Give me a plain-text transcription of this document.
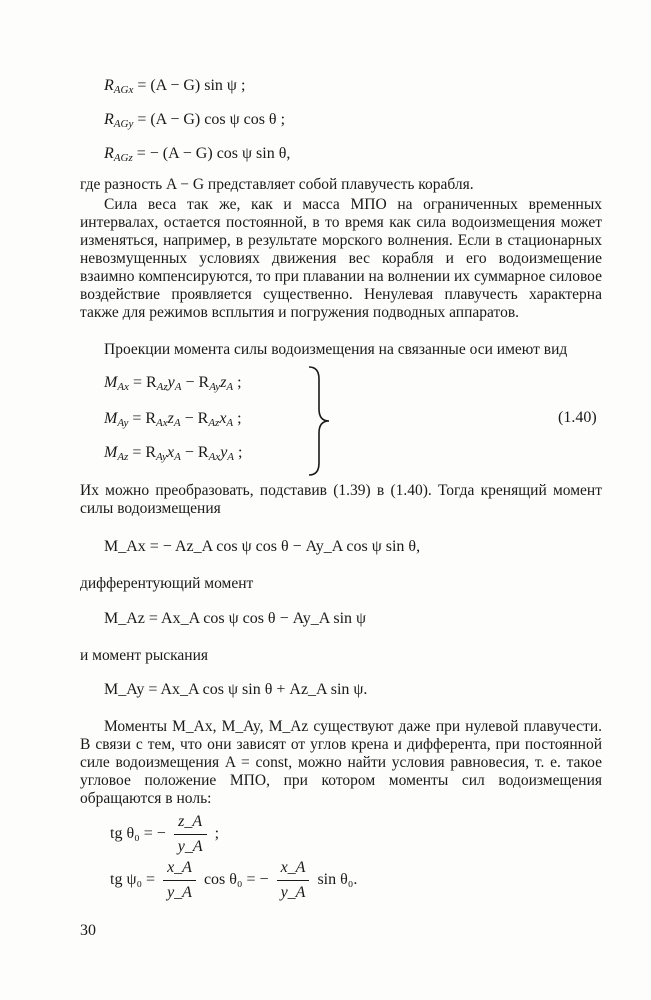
$R_{AGx} = (A - G)$ sin ψ ;
$R_{AGy} = (A - G)$ cos ψ cos θ ;
$R_{AGz}$ = − (A − G) cos ψ sin θ,
где разность A − G представляет собой плавучесть корабля.
Сила веса так же, как и масса МПО на ограниченных временных интервалах, остается постоянной, в то время как сила водоизмещения может изменяться, например, в результате морского волнения. Если в стационарных невозмущенных условиях движения вес корабля и его водоизмещение взаимно компенсируются, то при плавании на волнении их суммарное силовое воздействие проявляется существенно. Ненулевая плавучесть характерна также для режимов всплытия и погружения подводных аппаратов.
Проекции момента силы водоизмещения на связанные оси имеют вид
$M_{Ax} = R_{Az}y_A - R_{Ay}z_A$ ;
$M_{Ay} = R_{Ax}z_A - R_{Az}x_A$ ;
$M_{Az} = R_{Ay}x_A - R_{Ax}y_A$ ;
(1.40)
Их можно преобразовать, подставив (1.39) в (1.40). Тогда кренящий момент силы водоизмещения
M_Ax = − Az_A cos ψ cos θ − Ay_A cos ψ sin θ,
дифферентующий момент
M_Az = Ax_A cos ψ cos θ − Ay_A sin ψ
и момент рыскания
M_Ay = Ax_A cos ψ sin θ + Az_A sin ψ.
Моменты M_Ax, M_Ay, M_Az существуют даже при нулевой плавучести. В связи с тем, что они зависят от углов крена и дифферента, при постоянной силе водоизмещения A = const, можно найти условия равновесия, т. е. такое угловое положение МПО, при котором моменты сил водоизмещения обращаются в ноль:
tg θ₀ = − $\frac{z\_A}{y\_A}$ ;
tg $\psi_0 = \frac{x\_A}{y\_A}$ cos θ₀ = − $\frac{x\_A}{y\_A}$ sin θ₀.
30
